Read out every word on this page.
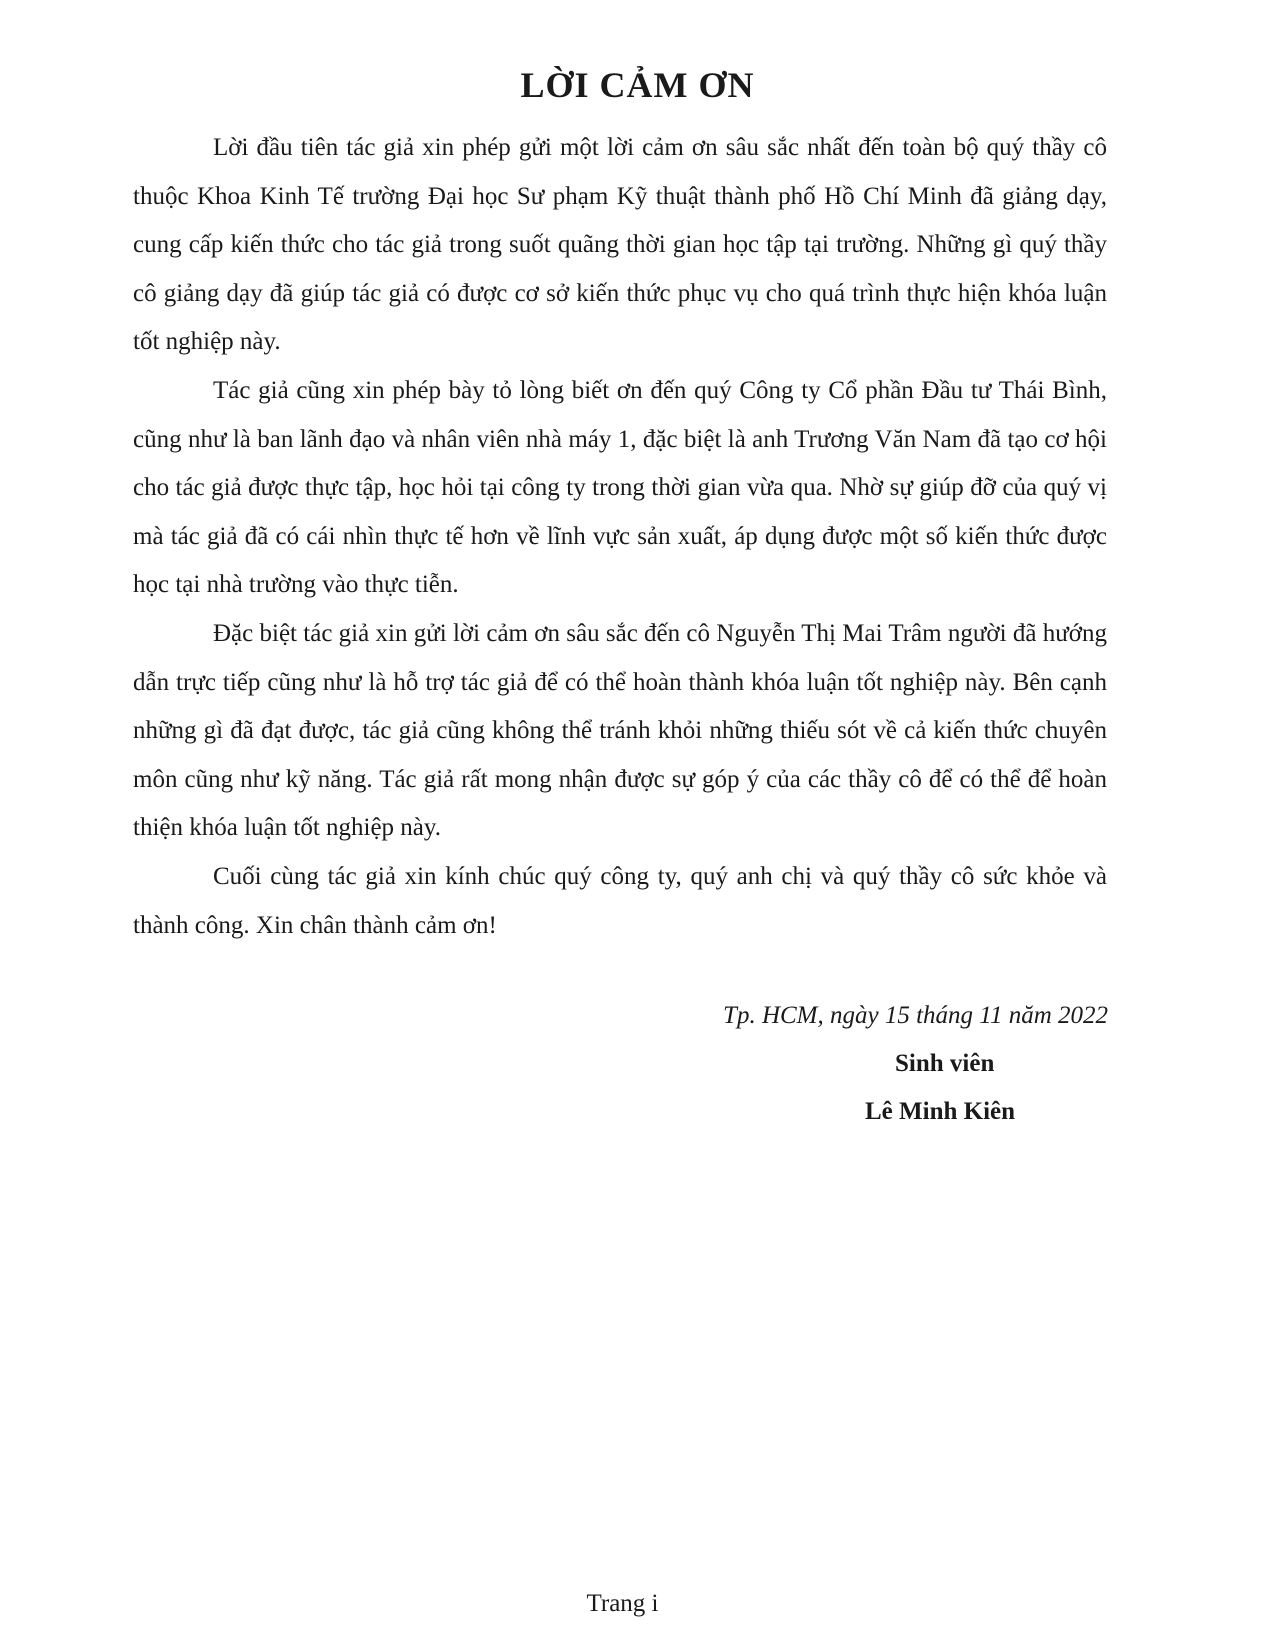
LỜI CẢM ƠN

Lời đầu tiên tác giả xin phép gửi một lời cảm ơn sâu sắc nhất đến toàn bộ quý thầy cô thuộc Khoa Kinh Tế trường Đại học Sư phạm Kỹ thuật thành phố Hồ Chí Minh đã giảng dạy, cung cấp kiến thức cho tác giả trong suốt quãng thời gian học tập tại trường. Những gì quý thầy cô giảng dạy đã giúp tác giả có được cơ sở kiến thức phục vụ cho quá trình thực hiện khóa luận tốt nghiệp này.

Tác giả cũng xin phép bày tỏ lòng biết ơn đến quý Công ty Cổ phần Đầu tư Thái Bình, cũng như là ban lãnh đạo và nhân viên nhà máy 1, đặc biệt là anh Trương Văn Nam đã tạo cơ hội cho tác giả được thực tập, học hỏi tại công ty trong thời gian vừa qua. Nhờ sự giúp đỡ của quý vị mà tác giả đã có cái nhìn thực tế hơn về lĩnh vực sản xuất, áp dụng được một số kiến thức được học tại nhà trường vào thực tiễn.

Đặc biệt tác giả xin gửi lời cảm ơn sâu sắc đến cô Nguyễn Thị Mai Trâm người đã hướng dẫn trực tiếp cũng như là hỗ trợ tác giả để có thể hoàn thành khóa luận tốt nghiệp này. Bên cạnh những gì đã đạt được, tác giả cũng không thể tránh khỏi những thiếu sót về cả kiến thức chuyên môn cũng như kỹ năng. Tác giả rất mong nhận được sự góp ý của các thầy cô để có thể để hoàn thiện khóa luận tốt nghiệp này.

Cuối cùng tác giả xin kính chúc quý công ty, quý anh chị và quý thầy cô sức khỏe và thành công. Xin chân thành cảm ơn!

Tp. HCM, ngày 15 tháng 11 năm 2022

Sinh viên

Lê Minh Kiên

Trang i
